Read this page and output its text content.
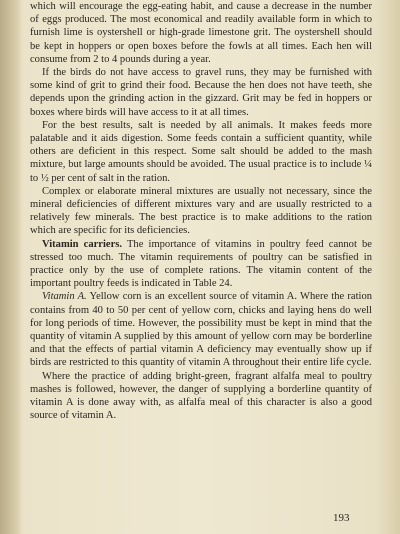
which will encourage the egg-eating habit, and cause a decrease in the number of eggs produced. The most economical and readily available form in which to furnish lime is oystershell or high-grade limestone grit. The oystershell should be kept in hoppers or open boxes before the fowls at all times. Each hen will consume from 2 to 4 pounds during a year.

If the birds do not have access to gravel runs, they may be furnished with some kind of grit to grind their food. Because the hen does not have teeth, she depends upon the grinding action in the gizzard. Grit may be fed in hoppers or boxes where birds will have access to it at all times.

For the best results, salt is needed by all animals. It makes feeds more palatable and it aids digestion. Some feeds contain a sufficient quantity, while others are deficient in this respect. Some salt should be added to the mash mixture, but large amounts should be avoided. The usual practice is to include ¼ to ½ per cent of salt in the ration.

Complex or elaborate mineral mixtures are usually not necessary, since the mineral deficiencies of different mixtures vary and are usually restricted to a relatively few minerals. The best practice is to make additions to the ration which are specific for its deficiencies.

Vitamin carriers. The importance of vitamins in poultry feed cannot be stressed too much. The vitamin requirements of poultry can be satisfied in practice only by the use of complete rations. The vitamin content of the important poultry feeds is indicated in Table 24.

Vitamin A. Yellow corn is an excellent source of vitamin A. Where the ration contains from 40 to 50 per cent of yellow corn, chicks and laying hens do well for long periods of time. However, the possibility must be kept in mind that the quantity of vitamin A supplied by this amount of yellow corn may be borderline and that the effects of partial vitamin A deficiency may eventually show up if birds are restricted to this quantity of vitamin A throughout their entire life cycle.

Where the practice of adding bright-green, fragrant alfalfa meal to poultry mashes is followed, however, the danger of supplying a borderline quantity of vitamin A is done away with, as alfalfa meal of this character is also a good source of vitamin A.

193
